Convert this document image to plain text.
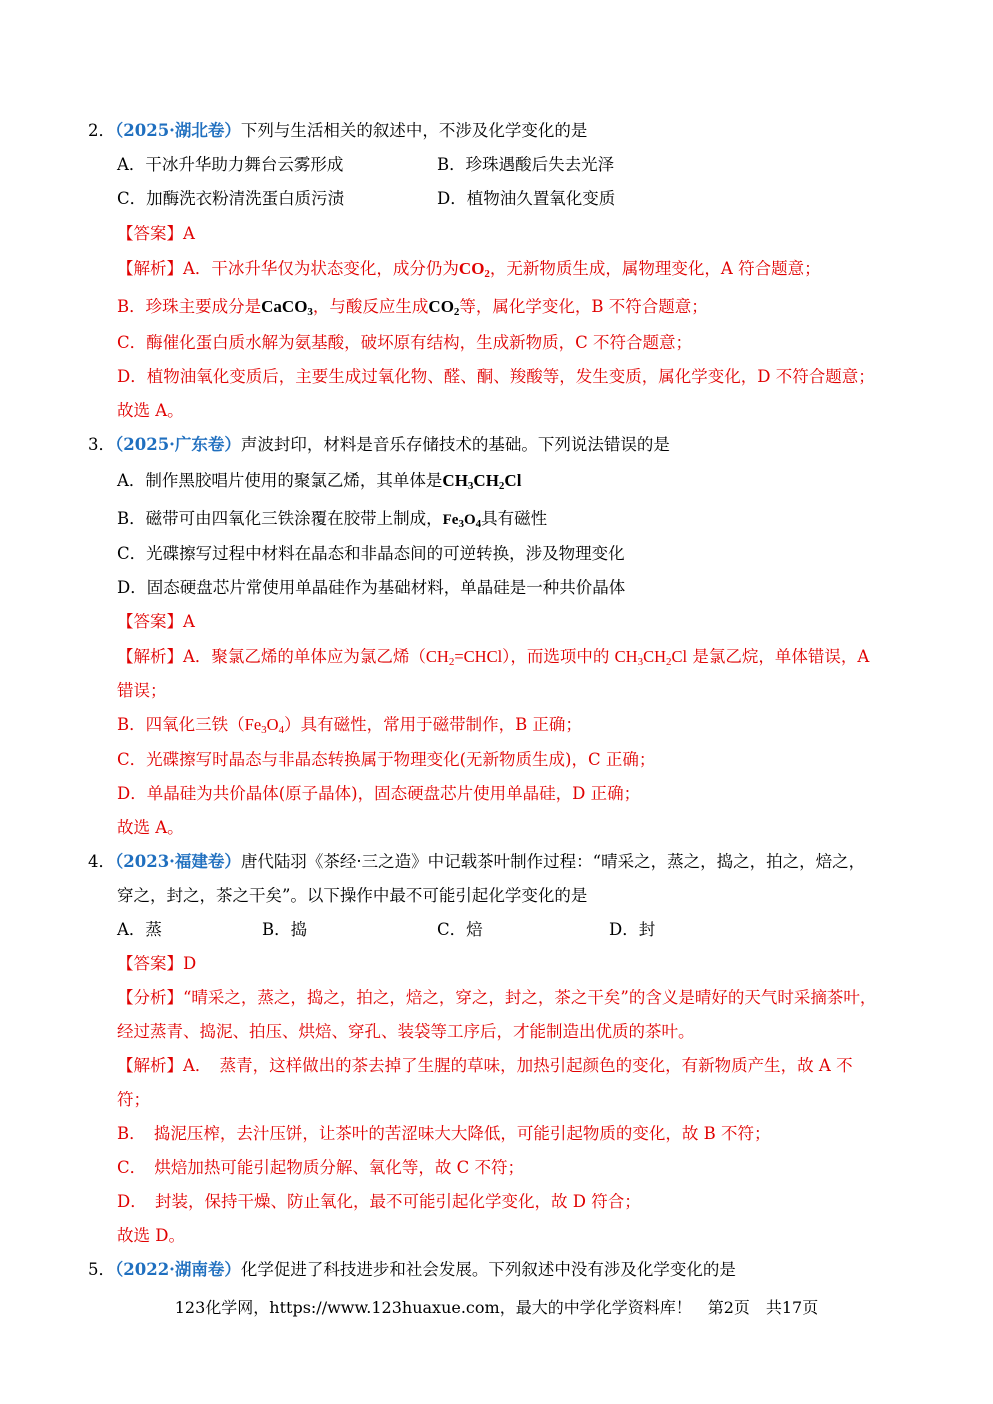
2．（2025·湖北卷）下列与生活相关的叙述中，不涉及化学变化的是
A．干冰升华助力舞台云雾形成	B．珍珠遇酸后失去光泽
C．加酶洗衣粉清洗蛋白质污渍	D．植物油久置氧化变质
【答案】A
【解析】A．干冰升华仅为状态变化，成分仍为$CO_2$，无新物质生成，属物理变化，A 符合题意；
B．珍珠主要成分是CaCO$_3$，与酸反应生成$CO_2$等，属化学变化，B 不符合题意；
C．酶催化蛋白质水解为氨基酸，破坏原有结构，生成新物质，C 不符合题意；
D．植物油氧化变质后，主要生成过氧化物、醛、酮、羧酸等，发生变质，属化学变化，D 不符合题意；
故选 A。
3．（2025·广东卷）声波封印，材料是音乐存储技术的基础。下列说法错误的是
A．制作黑胶唱片使用的聚氯乙烯，其单体是$CH_3CH_2Cl$
B．磁带可由四氧化三铁涂覆在胶带上制成，$Fe_3O_4$具有磁性
C．光碟擦写过程中材料在晶态和非晶态间的可逆转换，涉及物理变化
D．固态硬盘芯片常使用单晶硅作为基础材料，单晶硅是一种共价晶体
【答案】A
【解析】A．聚氯乙烯的单体应为氯乙烯$(CH_2=CHCl)$，而选项中的 $CH_3CH_2Cl$ 是氯乙烷，单体错误，A
错误；
B．四氧化三铁$(Fe_3O_4)$具有磁性，常用于磁带制作，B 正确；
C．光碟擦写时晶态与非晶态转换属于物理变化(无新物质生成)，C 正确；
D．单晶硅为共价晶体(原子晶体)，固态硬盘芯片使用单晶硅，D 正确；
故选 A。
4．（2023·福建卷）唐代陆羽《茶经·三之造》中记载茶叶制作过程：“晴采之，蒸之，捣之，拍之，焙之，
穿之，封之，茶之干矣”。以下操作中最不可能引起化学变化的是
A．蒸	B．捣	C．焙	D．封
【答案】D
【分析】“晴采之，蒸之，捣之，拍之，焙之，穿之，封之，茶之干矣”的含义是晴好的天气时采摘茶叶，
经过蒸青、捣泥、拍压、烘焙、穿孔、装袋等工序后，才能制造出优质的茶叶。
【解析】A．　蒸青，这样做出的茶去掉了生腥的草味，加热引起颜色的变化，有新物质产生，故 A 不
符；
B．　捣泥压榨，去汁压饼，让茶叶的苦涩味大大降低，可能引起物质的变化，故 B 不符；
C．　烘焙加热可能引起物质分解、氧化等，故 C 不符；
D．　封装，保持干燥、防止氧化，最不可能引起化学变化，故 D 符合；
故选 D。
5．（2022·湖南卷）化学促进了科技进步和社会发展。下列叙述中没有涉及化学变化的是
123化学网，https://www.123huaxue.com，最大的中学化学资料库！　第2页　共17页
